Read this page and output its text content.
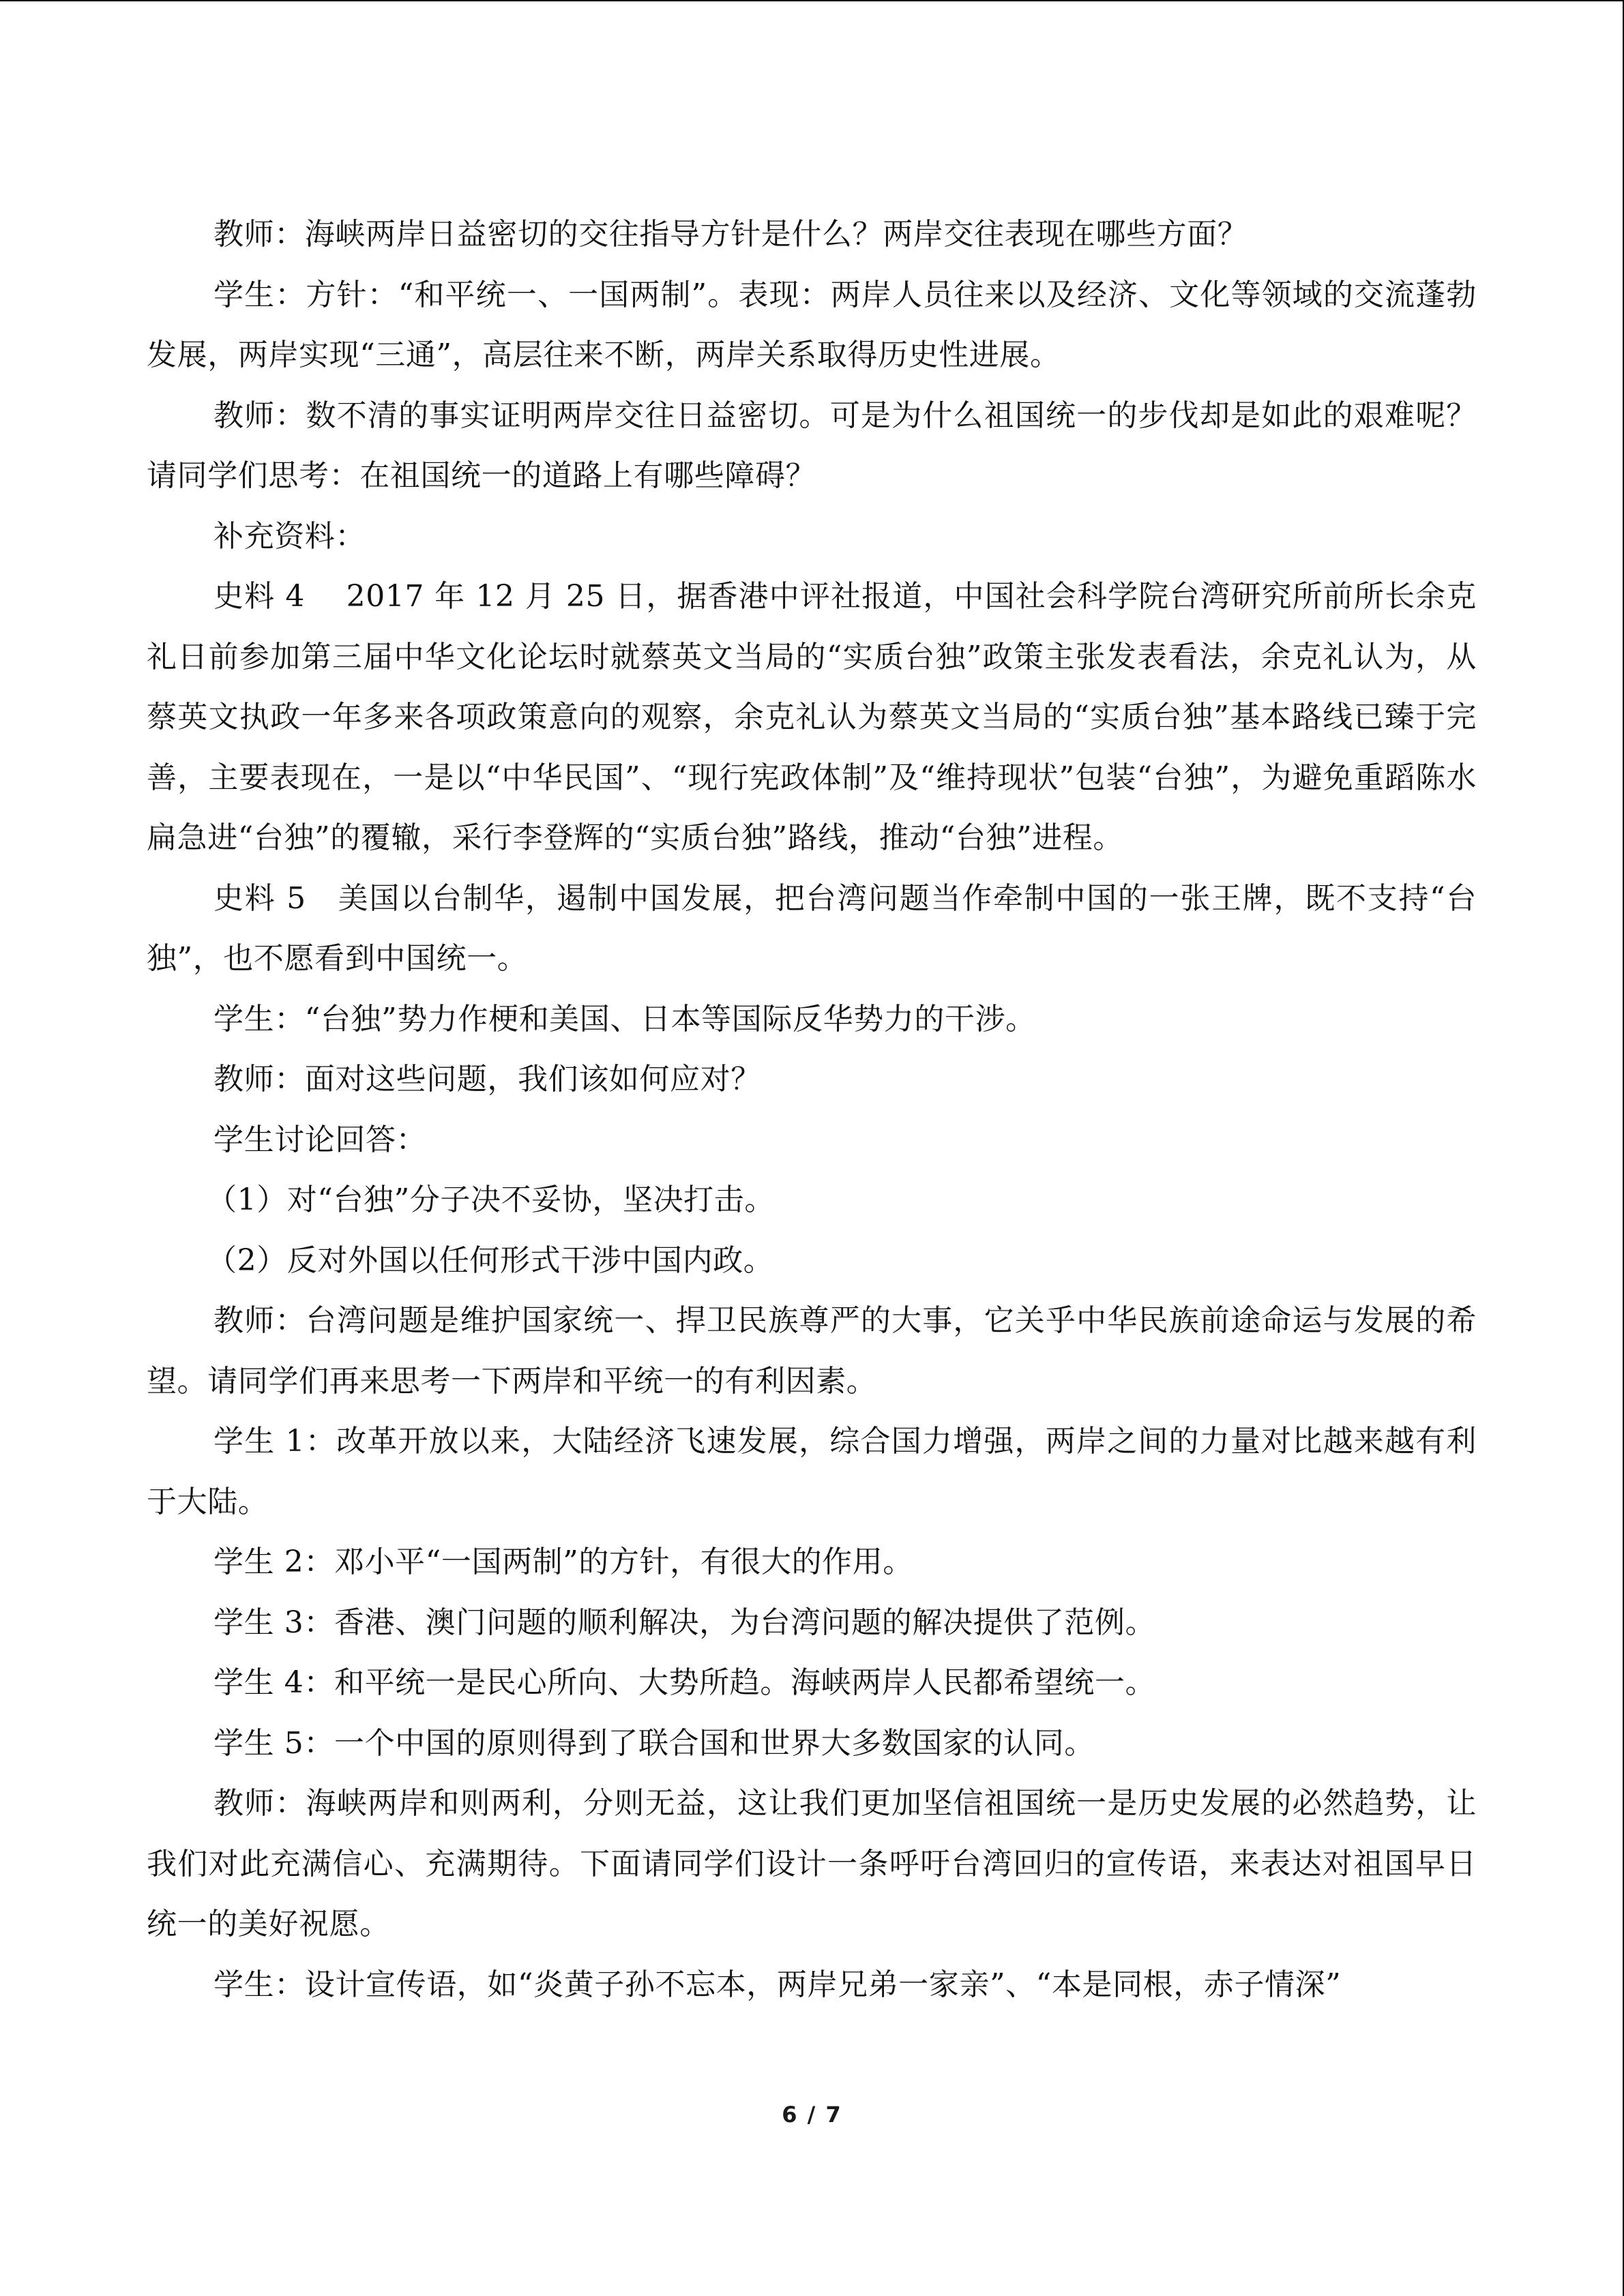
教师：海峡两岸日益密切的交往指导方针是什么？两岸交往表现在哪些方面？

学生：方针：“和平统一、一国两制”。表现：两岸人员往来以及经济、文化等领域的交流蓬勃发展，两岸实现“三通”，高层往来不断，两岸关系取得历史性进展。

教师：数不清的事实证明两岸交往日益密切。可是为什么祖国统一的步伐却是如此的艰难呢？请同学们思考：在祖国统一的道路上有哪些障碍？

补充资料：

史料 4　 2017 年 12 月 25 日，据香港中评社报道，中国社会科学院台湾研究所前所长余克礼日前参加第三届中华文化论坛时就蔡英文当局的“实质台独”政策主张发表看法，余克礼认为，从蔡英文执政一年多来各项政策意向的观察，余克礼认为蔡英文当局的“实质台独”基本路线已臻于完善，主要表现在，一是以“中华民国”、“现行宪政体制”及“维持现状”包装“台独”，为避免重蹈陈水扁急进“台独”的覆辙，采行李登辉的“实质台独”路线，推动“台独”进程。

史料 5　美国以台制华，遏制中国发展，把台湾问题当作牵制中国的一张王牌，既不支持“台独”，也不愿看到中国统一。

学生：“台独”势力作梗和美国、日本等国际反华势力的干涉。

教师：面对这些问题，我们该如何应对？

学生讨论回答：

（1）对“台独”分子决不妥协，坚决打击。

（2）反对外国以任何形式干涉中国内政。

教师：台湾问题是维护国家统一、捍卫民族尊严的大事，它关乎中华民族前途命运与发展的希望。请同学们再来思考一下两岸和平统一的有利因素。

学生 1：改革开放以来，大陆经济飞速发展，综合国力增强，两岸之间的力量对比越来越有利于大陆。

学生 2：邓小平“一国两制”的方针，有很大的作用。

学生 3：香港、澳门问题的顺利解决，为台湾问题的解决提供了范例。

学生 4：和平统一是民心所向、大势所趋。海峡两岸人民都希望统一。

学生 5：一个中国的原则得到了联合国和世界大多数国家的认同。

教师：海峡两岸和则两利，分则无益，这让我们更加坚信祖国统一是历史发展的必然趋势，让我们对此充满信心、充满期待。下面请同学们设计一条呼吁台湾回归的宣传语，来表达对祖国早日统一的美好祝愿。

学生：设计宣传语，如“炎黄子孙不忘本，两岸兄弟一家亲”、“本是同根，赤子情深”

6 / 7
